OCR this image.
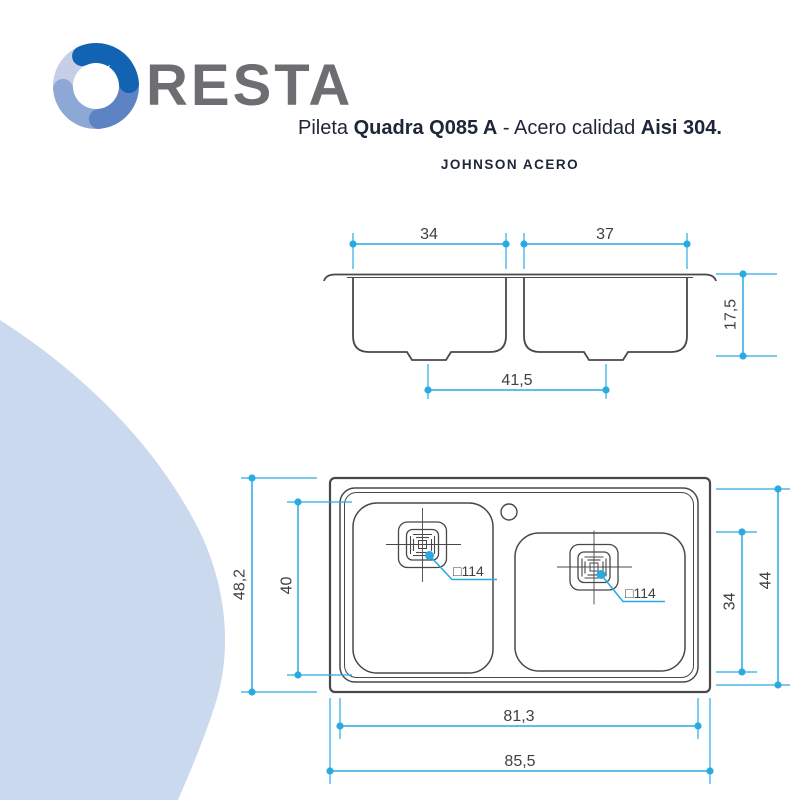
RESTA
Pileta Quadra Q085 A - Acero calidad Aisi 304.
JOHNSON ACERO
34	37
41,5
17,5
48,2 40	44
34
81,3
85,5
□114
□114
